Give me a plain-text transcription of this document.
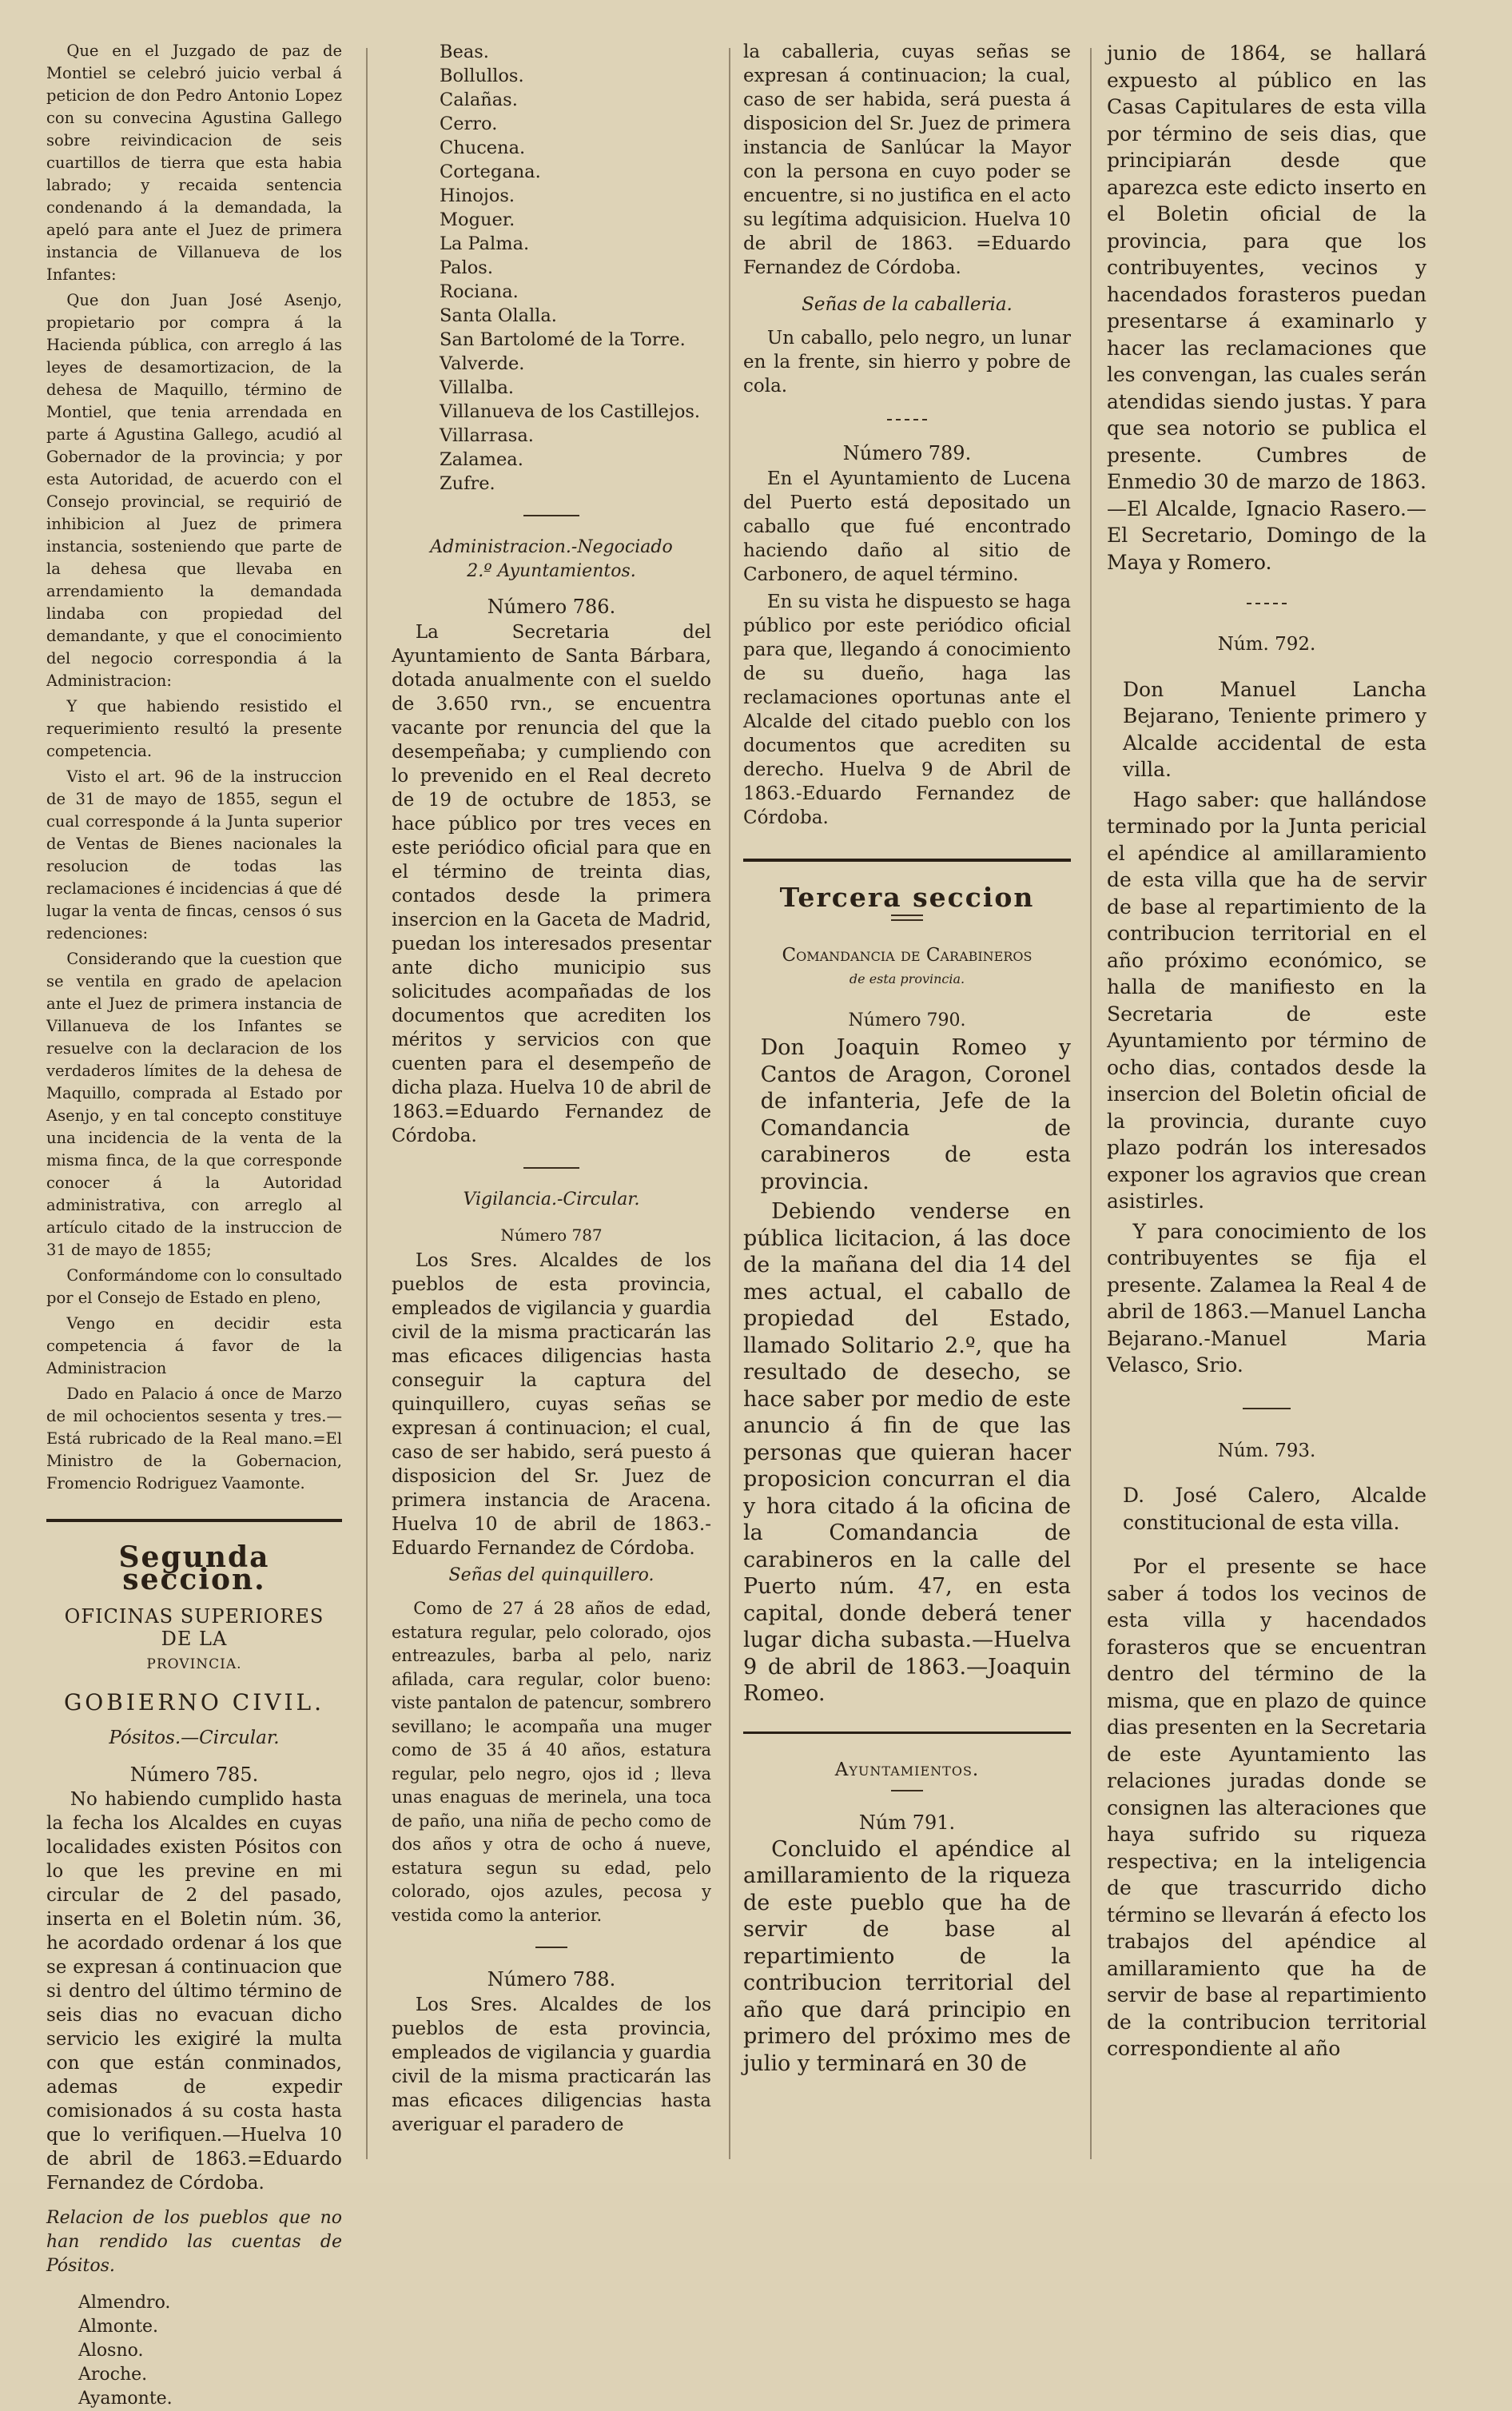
Que en el Juzgado de paz de Montiel se celebró juicio verbal á peticion de don Pedro Antonio Lopez con su convecina Agustina Gallego sobre reivindicacion de seis cuartillos de tierra que esta habia labrado; y recaida sentencia condenando á la demandada, la apeló para ante el Juez de primera instancia de Villanueva de los Infantes:

Que don Juan José Asenjo, propietario por compra á la Hacienda pública, con arreglo á las leyes de desamortizacion, de la dehesa de Maquillo, término de Montiel, que tenia arrendada en parte á Agustina Gallego, acudió al Gobernador de la provincia; y por esta Autoridad, de acuerdo con el Consejo provincial, se requirió de inhibicion al Juez de primera instancia, sosteniendo que parte de la dehesa que llevaba en arrendamiento la demandada lindaba con propiedad del demandante, y que el conocimiento del negocio correspondia á la Administracion:

Y que habiendo resistido el requerimiento resultó la presente competencia.

Visto el art. 96 de la instruccion de 31 de mayo de 1855, segun el cual corresponde á la Junta superior de Ventas de Bienes nacionales la resolucion de todas las reclamaciones é incidencias á que dé lugar la venta de fincas, censos ó sus redenciones:

Considerando que la cuestion que se ventila en grado de apelacion ante el Juez de primera instancia de Villanueva de los Infantes se resuelve con la declaracion de los verdaderos límites de la dehesa de Maquillo, comprada al Estado por Asenjo, y en tal concepto constituye una incidencia de la venta de la misma finca, de la que corresponde conocer á la Autoridad administrativa, con arreglo al artículo citado de la instruccion de 31 de mayo de 1855;

Conformándome con lo consultado por el Consejo de Estado en pleno,

Vengo en decidir esta competencia á favor de la Administracion

Dado en Palacio á once de Marzo de mil ochocientos sesenta y tres.—Está rubricado de la Real mano.=El Ministro de la Gobernacion, Fromencio Rodriguez Vaamonte.

Segunda seccion.
OFICINAS SUPERIORES DE LA
PROVINCIA.
GOBIERNO CIVIL.
Pósitos.—Circular.
Número 785.

No habiendo cumplido hasta la fecha los Alcaldes en cuyas localidades existen Pósitos con lo que les previne en mi circular de 2 del pasado, inserta en el Boletin núm. 36, he acordado ordenar á los que se expresan á continuacion que si dentro del último término de seis dias no evacuan dicho servicio les exigiré la multa con que están conminados, ademas de expedir comisionados á su costa hasta que lo verifiquen.—Huelva 10 de abril de 1863.=Eduardo Fernandez de Córdoba.

Relacion de los pueblos que no han rendido las cuentas de Pósitos.

Almendro.
Almonte.
Alosno.
Aroche.
Ayamonte.
Beas.
Bollullos.
Calañas.
Cerro.
Chucena.
Cortegana.
Hinojos.
Moguer.
La Palma.
Palos.
Rociana.
Santa Olalla.
San Bartolomé de la Torre.
Valverde.
Villalba.
Villanueva de los Castillejos.
Villarrasa.
Zalamea.
Zufre.
Administracion.-Negociado 2.º Ayuntamientos.
Número 786.

La Secretaria del Ayuntamiento de Santa Bárbara, dotada anualmente con el sueldo de 3.650 rvn., se encuentra vacante por renuncia del que la desempeñaba; y cumpliendo con lo prevenido en el Real decreto de 19 de octubre de 1853, se hace público por tres veces en este periódico oficial para que en el término de treinta dias, contados desde la primera insercion en la Gaceta de Madrid, puedan los interesados presentar ante dicho municipio sus solicitudes acompañadas de los documentos que acrediten los méritos y servicios con que cuenten para el desempeño de dicha plaza. Huelva 10 de abril de 1863.=Eduardo Fernandez de Córdoba.

Vigilancia.-Circular.
Número 787

Los Sres. Alcaldes de los pueblos de esta provincia, empleados de vigilancia y guardia civil de la misma practicarán las mas eficaces diligencias hasta conseguir la captura del quinquillero, cuyas señas se expresan á continuacion; el cual, caso de ser habido, será puesto á disposicion del Sr. Juez de primera instancia de Aracena. Huelva 10 de abril de 1863.-Eduardo Fernandez de Córdoba.

Señas del quinquillero.

Como de 27 á 28 años de edad, estatura regular, pelo colorado, ojos entreazules, barba al pelo, nariz afilada, cara regular, color bueno: viste pantalon de patencur, sombrero sevillano; le acompaña una muger como de 35 á 40 años, estatura regular, pelo negro, ojos id ; lleva unas enaguas de merinela, una toca de paño, una niña de pecho como de dos años y otra de ocho á nueve, estatura segun su edad, pelo colorado, ojos azules, pecosa y vestida como la anterior.

Número 788.

Los Sres. Alcaldes de los pueblos de esta provincia, empleados de vigilancia y guardia civil de la misma practicarán las mas eficaces diligencias hasta averiguar el paradero de

la caballeria, cuyas señas se expresan á continuacion; la cual, caso de ser habida, será puesta á disposicion del Sr. Juez de primera instancia de Sanlúcar la Mayor con la persona en cuyo poder se encuentre, si no justifica en el acto su legítima adquisicion. Huelva 10 de abril de 1863. =Eduardo Fernandez de Córdoba.

Señas de la caballeria.

Un caballo, pelo negro, un lunar en la frente, sin hierro y pobre de cola.

Número 789.

En el Ayuntamiento de Lucena del Puerto está depositado un caballo que fué encontrado haciendo daño al sitio de Carbonero, de aquel término.

En su vista he dispuesto se haga público por este periódico oficial para que, llegando á conocimiento de su dueño, haga las reclamaciones oportunas ante el Alcalde del citado pueblo con los documentos que acrediten su derecho. Huelva 9 de Abril de 1863.-Eduardo Fernandez de Córdoba.

Tercera seccion
Comandancia de Carabineros
de esta provincia.
Número 790.

Don Joaquin Romeo y Cantos de Aragon, Coronel de infanteria, Jefe de la Comandancia de carabineros de esta provincia.

Debiendo venderse en pública licitacion, á las doce de la mañana del dia 14 del mes actual, el caballo de propiedad del Estado, llamado Solitario 2.º, que ha resultado de desecho, se hace saber por medio de este anuncio á fin de que las personas que quieran hacer proposicion concurran el dia y hora citado á la oficina de la Comandancia de carabineros en la calle del Puerto núm. 47, en esta capital, donde deberá tener lugar dicha subasta.—Huelva 9 de abril de 1863.—Joaquin Romeo.

Ayuntamientos.
Núm 791.

Concluido el apéndice al amillaramiento de la riqueza de este pueblo que ha de servir de base al repartimiento de la contribucion territorial del año que dará principio en primero del próximo mes de julio y terminará en 30 de

junio de 1864, se hallará expuesto al público en las Casas Capitulares de esta villa por término de seis dias, que principiarán desde que aparezca este edicto inserto en el Boletin oficial de la provincia, para que los contribuyentes, vecinos y hacendados forasteros puedan presentarse á examinarlo y hacer las reclamaciones que les convengan, las cuales serán atendidas siendo justas. Y para que sea notorio se publica el presente. Cumbres de Enmedio 30 de marzo de 1863.—El Alcalde, Ignacio Rasero.—El Secretario, Domingo de la Maya y Romero.

Núm. 792.

Don Manuel Lancha Bejarano, Teniente primero y Alcalde accidental de esta villa.

Hago saber: que hallándose terminado por la Junta pericial el apéndice al amillaramiento de esta villa que ha de servir de base al repartimiento de la contribucion territorial en el año próximo económico, se halla de manifiesto en la Secretaria de este Ayuntamiento por término de ocho dias, contados desde la insercion del Boletin oficial de la provincia, durante cuyo plazo podrán los interesados exponer los agravios que crean asistirles.

Y para conocimiento de los contribuyentes se fija el presente. Zalamea la Real 4 de abril de 1863.—Manuel Lancha Bejarano.-Manuel Maria Velasco, Srio.

Núm. 793.

D. José Calero, Alcalde constitucional de esta villa.

Por el presente se hace saber á todos los vecinos de esta villa y hacendados forasteros que se encuentran dentro del término de la misma, que en plazo de quince dias presenten en la Secretaria de este Ayuntamiento las relaciones juradas donde se consignen las alteraciones que haya sufrido su riqueza respectiva; en la inteligencia de que trascurrido dicho término se llevarán á efecto los trabajos del apéndice al amillaramiento que ha de servir de base al repartimiento de la contribucion territorial correspondiente al año
